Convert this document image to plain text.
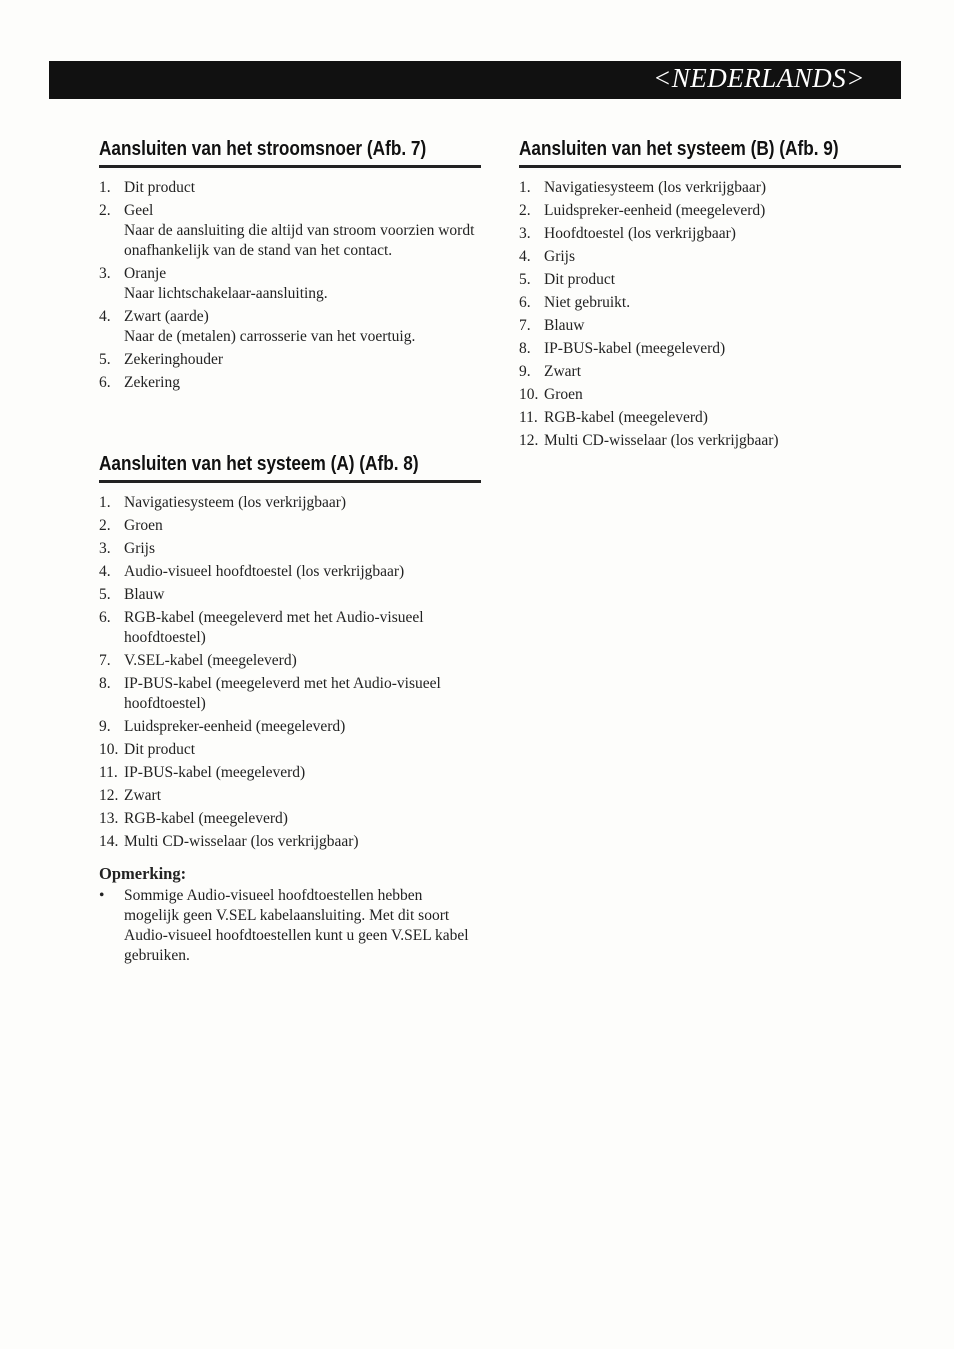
<NEDERLANDS>
Aansluiten van het stroomsnoer (Afb. 7)
1. Dit product
2. Geel
Naar de aansluiting die altijd van stroom voorzien wordt onafhankelijk van de stand van het contact.
3. Oranje
Naar lichtschakelaar-aansluiting.
4. Zwart (aarde)
Naar de (metalen) carrosserie van het voertuig.
5. Zekeringhouder
6. Zekering
Aansluiten van het systeem (A) (Afb. 8)
1. Navigatiesysteem (los verkrijgbaar)
2. Groen
3. Grijs
4. Audio-visueel hoofdtoestel (los verkrijgbaar)
5. Blauw
6. RGB-kabel (meegeleverd met het Audio-visueel hoofdtoestel)
7. V.SEL-kabel (meegeleverd)
8. IP-BUS-kabel (meegeleverd met het Audio-visueel hoofdtoestel)
9. Luidspreker-eenheid (meegeleverd)
10. Dit product
11. IP-BUS-kabel (meegeleverd)
12. Zwart
13. RGB-kabel (meegeleverd)
14. Multi CD-wisselaar (los verkrijgbaar)
Opmerking:
• Sommige Audio-visueel hoofdtoestellen hebben mogelijk geen V.SEL kabelaansluiting. Met dit soort Audio-visueel hoofdtoestellen kunt u geen V.SEL kabel gebruiken.
Aansluiten van het systeem (B) (Afb. 9)
1. Navigatiesysteem (los verkrijgbaar)
2. Luidspreker-eenheid (meegeleverd)
3. Hoofdtoestel (los verkrijgbaar)
4. Grijs
5. Dit product
6. Niet gebruikt.
7. Blauw
8. IP-BUS-kabel (meegeleverd)
9. Zwart
10. Groen
11. RGB-kabel (meegeleverd)
12. Multi CD-wisselaar (los verkrijgbaar)
